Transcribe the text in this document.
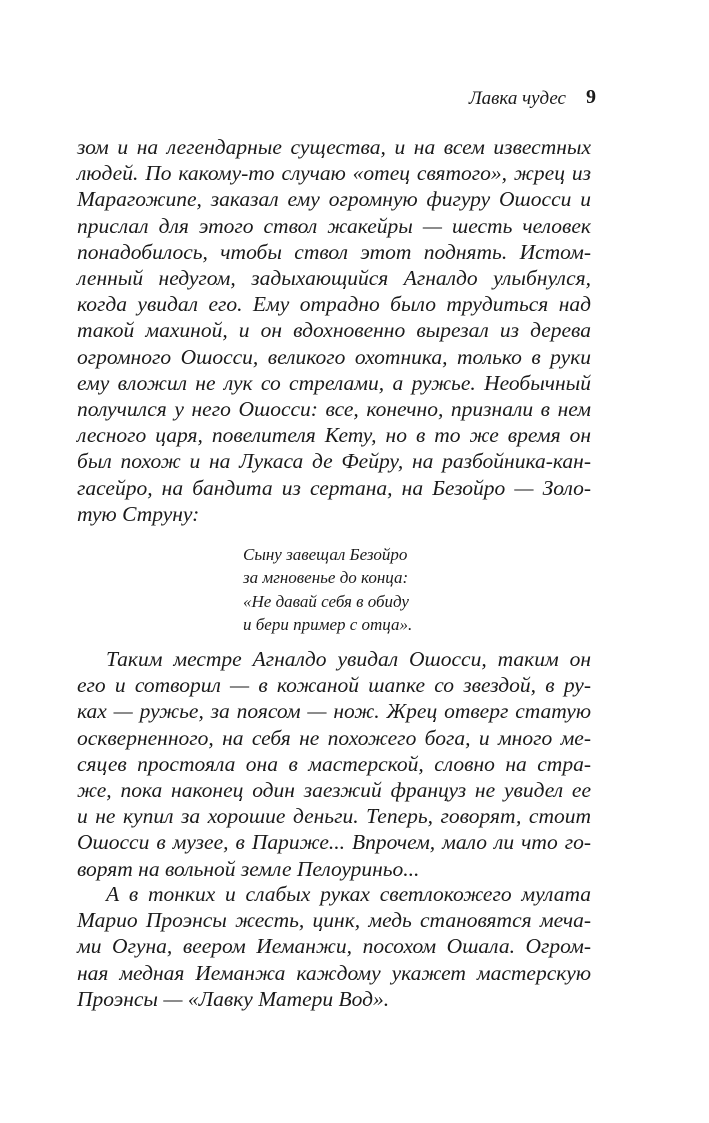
Лавка чудес 9
зом и на легендарные существа, и на всем известных
людей. По какому-то случаю «отец святого», жрец из
Марагожипе, заказал ему огромную фигуру Ошосси и
прислал для этого ствол жакейры — шесть человек
понадобилось, чтобы ствол этот поднять. Истом-
ленный недугом, задыхающийся Агналдо улыбнулся,
когда увидал его. Ему отрадно было трудиться над
такой махиной, и он вдохновенно вырезал из дерева
огромного Ошосси, великого охотника, только в руки
ему вложил не лук со стрелами, а ружье. Необычный
получился у него Ошосси: все, конечно, признали в нем
лесного царя, повелителя Кету, но в то же время он
был похож и на Лукаса де Фейру, на разбойника-кан-
гасейро, на бандита из сертана, на Безойро — Золо-
тую Струну:
Сыну завещал Безойро
за мгновенье до конца:
«Не давай себя в обиду
и бери пример с отца».
Таким местре Агналдо увидал Ошосси, таким он
его и сотворил — в кожаной шапке со звездой, в ру-
ках — ружье, за поясом — нож. Жрец отверг статую
оскверненного, на себя не похожего бога, и много ме-
сяцев простояла она в мастерской, словно на стра-
же, пока наконец один заезжий француз не увидел ее
и не купил за хорошие деньги. Теперь, говорят, стоит
Ошосси в музее, в Париже... Впрочем, мало ли что го-
ворят на вольной земле Пелоуриньо...
А в тонких и слабых руках светлокожего мулата
Марио Проэнсы жесть, цинк, медь становятся меча-
ми Огуна, веером Иеманжи, посохом Ошала. Огром-
ная медная Иеманжа каждому укажет мастерскую
Проэнсы — «Лавку Матери Вод».
